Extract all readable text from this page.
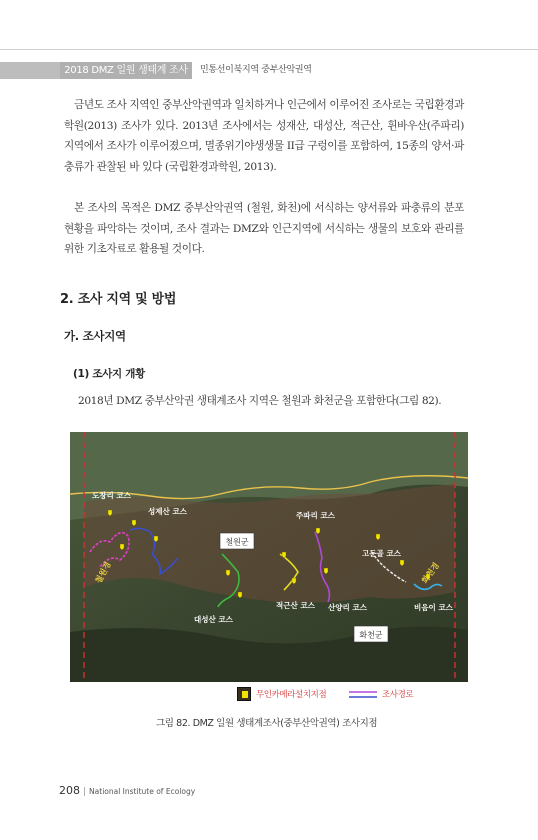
2018 DMZ 일원 생태계 조사	민통선이북지역 중부산악권역
금년도 조사 지역인 중부산악권역과 일치하거나 인근에서 이루어진 조사로는 국립환경과학원(2013) 조사가 있다. 2013년 조사에서는 성재산, 대성산, 적근산, 휜바우산(주파리) 지역에서 조사가 이루어졌으며, 멸종위기야생생물 II급 구렁이를 포함하여, 15종의 양서·파충류가 관찰된 바 있다 (국립환경과학원, 2013).
본 조사의 목적은 DMZ 중부산악권역 (철원, 화천)에 서식하는 양서류와 파충류의 분포현황을 파악하는 것이며, 조사 결과는 DMZ와 인근지역에 서식하는 생물의 보호와 관리를 위한 기초자료로 활용될 것이다.
2. 조사 지역 및 방법
가. 조사지역
(1) 조사지 개황
2018년 DMZ 중부산악권 생태계조사 지역은 철원과 화천군을 포함한다(그림 82).
도창리 코스
성제산 코스	주파리 코스
고둔골 코스
적근산 코스 산양리 코스	비음이 코스
대성산 코스
철원군
화천군
철원경	화천경
무인카메라설치지점	조사경로
그림 82. DMZ 일원 생태계조사(중부산악권역) 조사지점
208 | National Institute of Ecology
